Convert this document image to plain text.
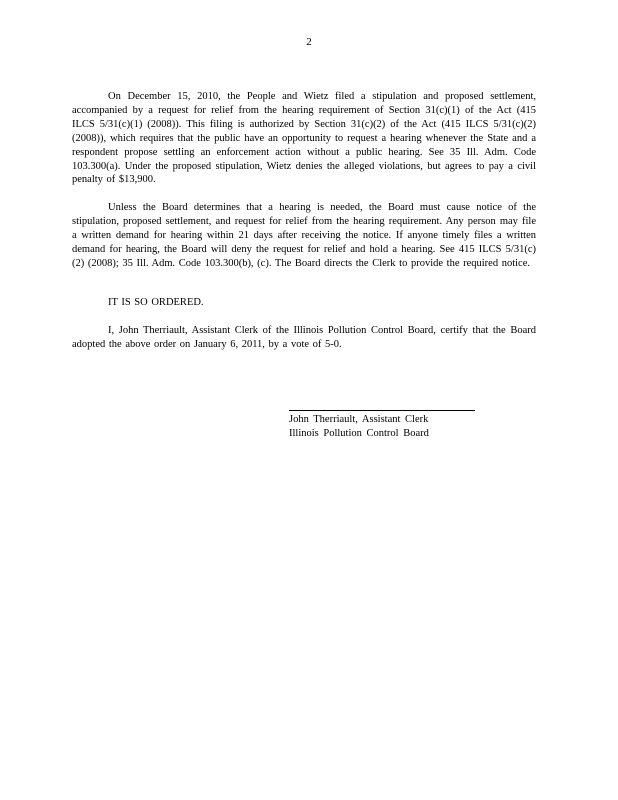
2

On December 15, 2010, the People and Wietz filed a stipulation and proposed settlement, accompanied by a request for relief from the hearing requirement of Section 31(c)(1) of the Act (415 ILCS 5/31(c)(1) (2008)). This filing is authorized by Section 31(c)(2) of the Act (415 ILCS 5/31(c)(2) (2008)), which requires that the public have an opportunity to request a hearing whenever the State and a respondent propose settling an enforcement action without a public hearing. See 35 Ill. Adm. Code 103.300(a). Under the proposed stipulation, Wietz denies the alleged violations, but agrees to pay a civil penalty of $13,900.

Unless the Board determines that a hearing is needed, the Board must cause notice of the stipulation, proposed settlement, and request for relief from the hearing requirement. Any person may file a written demand for hearing within 21 days after receiving the notice. If anyone timely files a written demand for hearing, the Board will deny the request for relief and hold a hearing. See 415 ILCS 5/31(c)(2) (2008); 35 Ill. Adm. Code 103.300(b), (c). The Board directs the Clerk to provide the required notice.

IT IS SO ORDERED.

I, John Therriault, Assistant Clerk of the Illinois Pollution Control Board, certify that the Board adopted the above order on January 6, 2011, by a vote of 5-0.

John Therriault, Assistant Clerk
Illinois Pollution Control Board
